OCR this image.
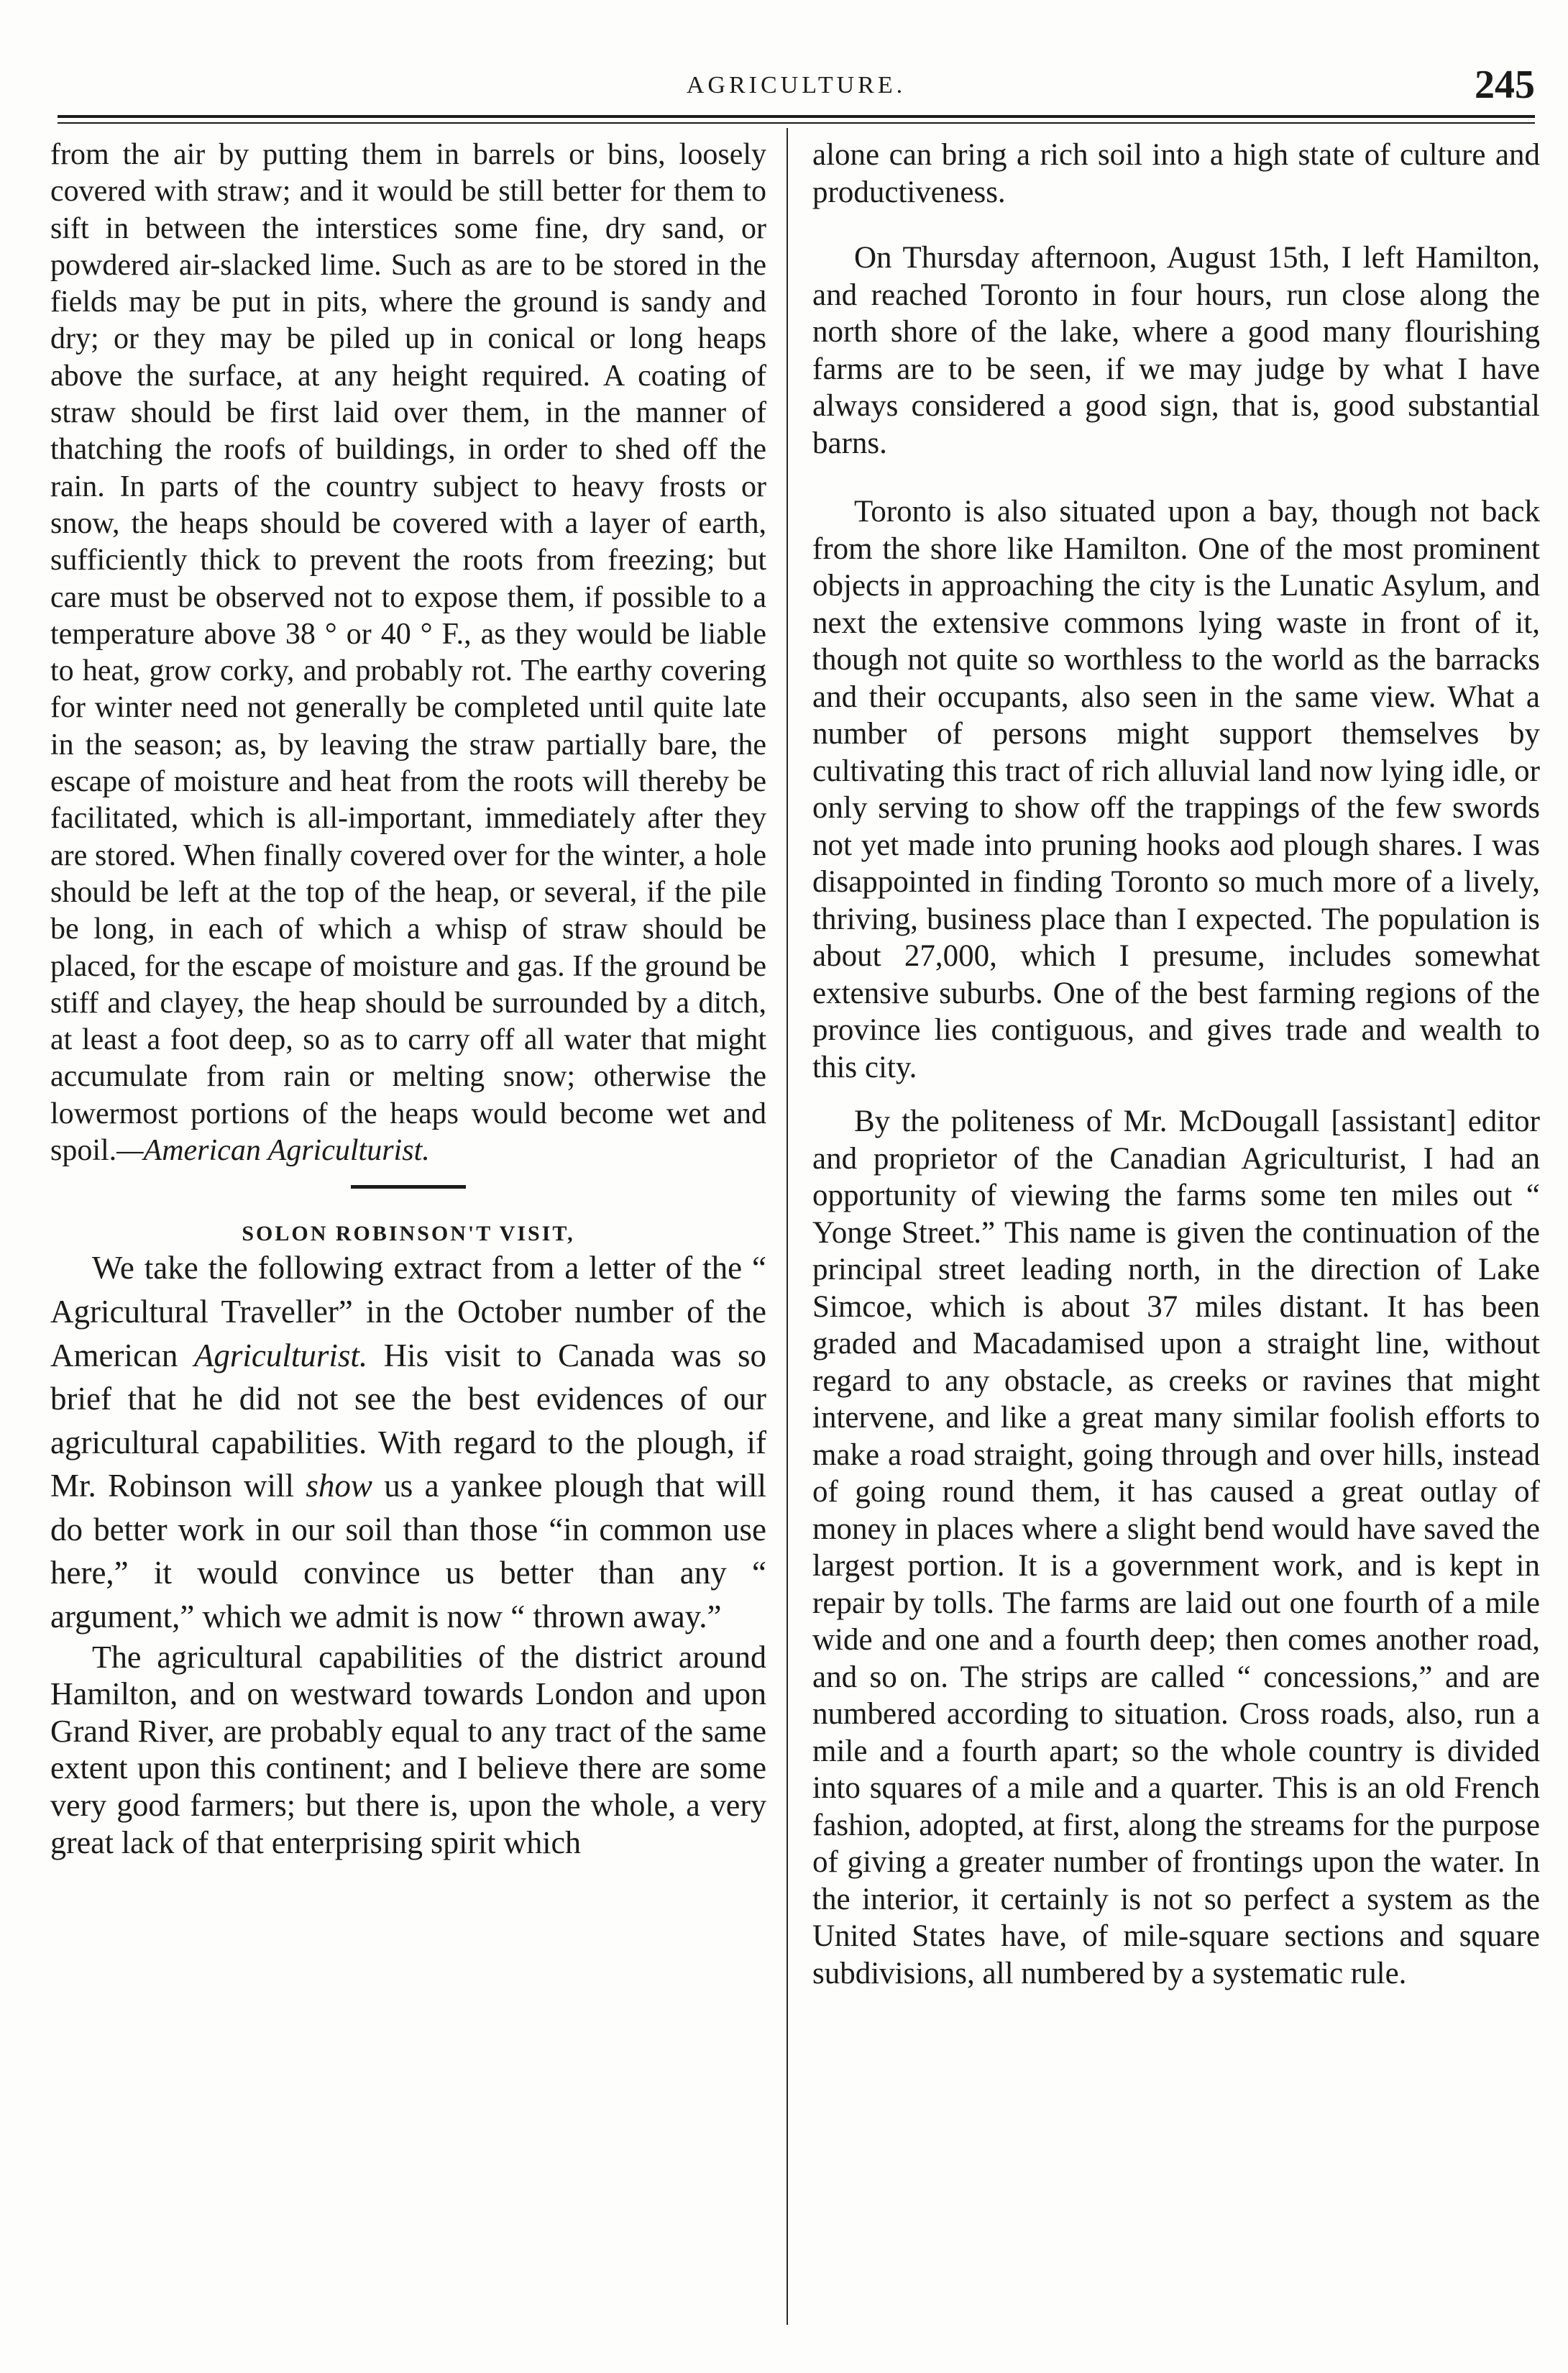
AGRICULTURE.	245

from the air by putting them in barrels or bins, loosely covered with straw; and it would be still better for them to sift in between the interstices some fine, dry sand, or powdered air-slacked lime. Such as are to be stored in the fields may be put in pits, where the ground is sandy and dry; or they may be piled up in conical or long heaps above the surface, at any height required. A coating of straw should be first laid over them, in the manner of thatching the roofs of buildings, in order to shed off the rain. In parts of the country subject to heavy frosts or snow, the heaps should be covered with a layer of earth, sufficiently thick to prevent the roots from freezing; but care must be observed not to expose them, if possible to a temperature above 38 ° or 40 ° F., as they would be liable to heat, grow corky, and probably rot. The earthy covering for winter need not generally be completed until quite late in the season; as, by leaving the straw partially bare, the escape of moisture and heat from the roots will thereby be facilitated, which is all-important, immediately after they are stored. When finally covered over for the winter, a hole should be left at the top of the heap, or several, if the pile be long, in each of which a whisp of straw should be placed, for the escape of moisture and gas. If the ground be stiff and clayey, the heap should be surrounded by a ditch, at least a foot deep, so as to carry off all water that might accumulate from rain or melting snow; otherwise the lowermost portions of the heaps would become wet and spoil.—American Agriculturist.

SOLON ROBINSON'T VISIT,

We take the following extract from a letter of the “ Agricultural Traveller” in the October number of the American Agriculturist. His visit to Canada was so brief that he did not see the best evidences of our agricultural capabilities. With regard to the plough, if Mr. Robinson will show us a yankee plough that will do better work in our soil than those “in common use here,” it would convince us better than any “ argument,” which we admit is now “ thrown away.”

The agricultural capabilities of the district around Hamilton, and on westward towards London and upon Grand River, are probably equal to any tract of the same extent upon this continent; and I believe there are some very good farmers; but there is, upon the whole, a very great lack of that enterprising spirit which

alone can bring a rich soil into a high state of culture and productiveness.

On Thursday afternoon, August 15th, I left Hamilton, and reached Toronto in four hours, run close along the north shore of the lake, where a good many flourishing farms are to be seen, if we may judge by what I have always considered a good sign, that is, good substantial barns.

Toronto is also situated upon a bay, though not back from the shore like Hamilton. One of the most prominent objects in approaching the city is the Lunatic Asylum, and next the extensive commons lying waste in front of it, though not quite so worthless to the world as the barracks and their occupants, also seen in the same view. What a number of persons might support themselves by cultivating this tract of rich alluvial land now lying idle, or only serving to show off the trappings of the few swords not yet made into pruning hooks aod plough shares. I was disappointed in finding Toronto so much more of a lively, thriving, business place than I expected. The population is about 27,000, which I presume, includes somewhat extensive suburbs. One of the best farming regions of the province lies contiguous, and gives trade and wealth to this city.

By the politeness of Mr. McDougall [assistant] editor and proprietor of the Canadian Agriculturist, I had an opportunity of viewing the farms some ten miles out “ Yonge Street.” This name is given the continuation of the principal street leading north, in the direction of Lake Simcoe, which is about 37 miles distant. It has been graded and Macadamised upon a straight line, without regard to any obstacle, as creeks or ravines that might intervene, and like a great many similar foolish efforts to make a road straight, going through and over hills, instead of going round them, it has caused a great outlay of money in places where a slight bend would have saved the largest portion. It is a government work, and is kept in repair by tolls. The farms are laid out one fourth of a mile wide and one and a fourth deep; then comes another road, and so on. The strips are called “ concessions,” and are numbered according to situation. Cross roads, also, run a mile and a fourth apart; so the whole country is divided into squares of a mile and a quarter. This is an old French fashion, adopted, at first, along the streams for the purpose of giving a greater number of frontings upon the water. In the interior, it certainly is not so perfect a system as the United States have, of mile-square sections and square subdivisions, all numbered by a systematic rule.
